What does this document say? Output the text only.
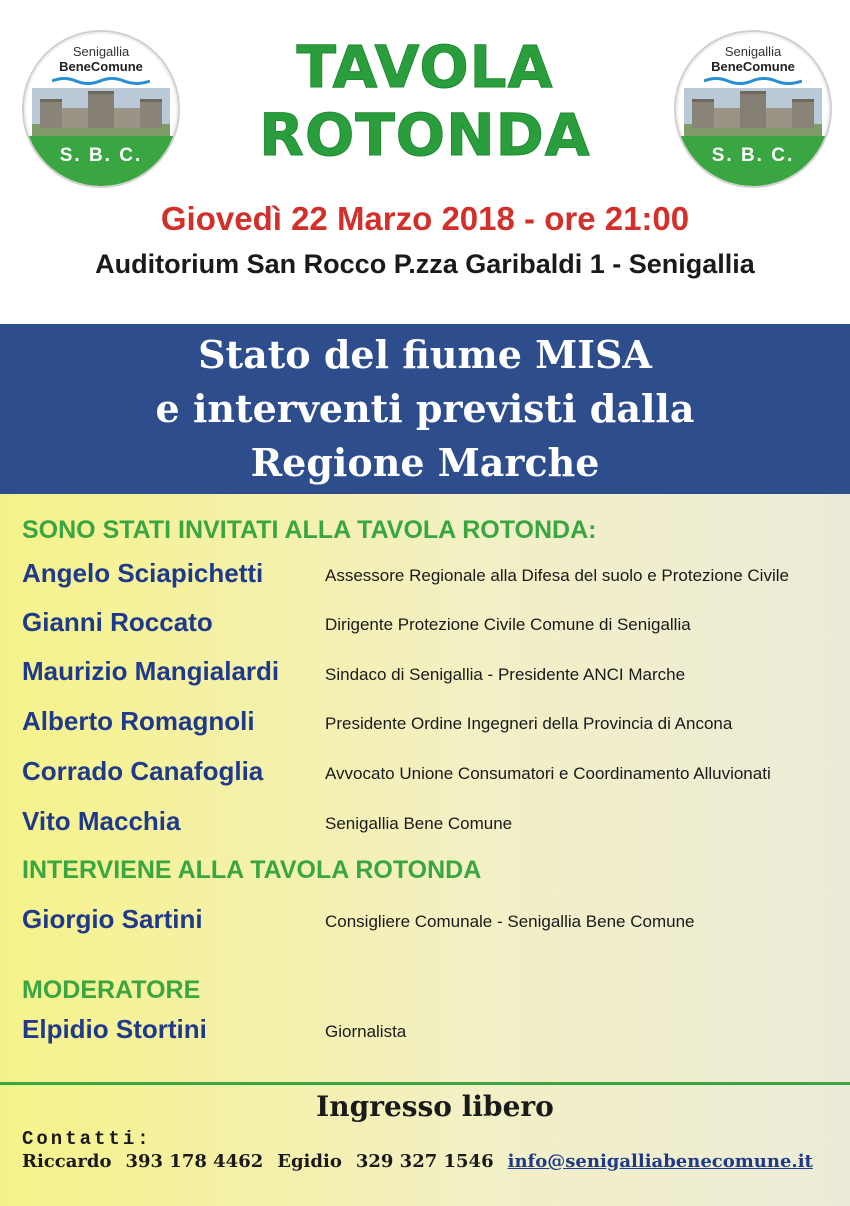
Senigallia
BeneComune
S. B. C.
Senigallia
BeneComune
S. B. C.
TAVOLA
ROTONDA
Giovedì 22 Marzo 2018 - ore 21:00
Auditorium San Rocco P.zza Garibaldi 1 - Senigallia
Stato del fiume MISA
e interventi previsti dalla
Regione Marche
SONO STATI INVITATI ALLA TAVOLA ROTONDA:
Angelo Sciapichetti	Assessore Regionale alla Difesa del suolo e Protezione Civile
Gianni Roccato	Dirigente Protezione Civile Comune di Senigallia
Maurizio Mangialardi	Sindaco di Senigallia - Presidente ANCI Marche
Alberto Romagnoli	Presidente Ordine Ingegneri della Provincia di Ancona
Corrado Canafoglia	Avvocato Unione Consumatori e Coordinamento Alluvionati
Vito Macchia	Senigallia Bene Comune
INTERVIENE ALLA TAVOLA ROTONDA
Giorgio Sartini	Consigliere Comunale - Senigallia Bene Comune
MODERATORE
Elpidio Stortini	Giornalista
Ingresso libero
Contatti:
Riccardo 393 178 4462 Egidio 329 327 1546 info@senigalliabenecomune.it
